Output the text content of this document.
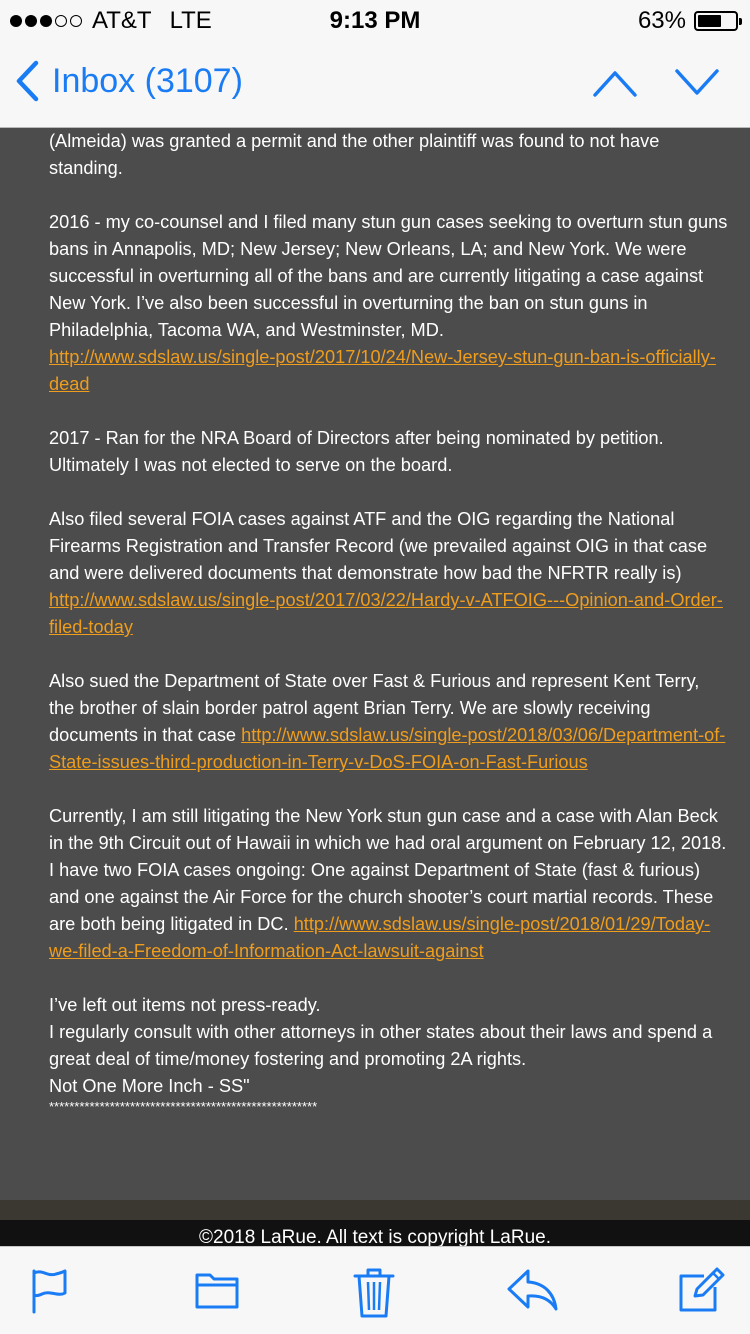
AT&T LTE	9:13 PM	63%
Inbox (3107)

(Almeida) was granted a permit and the other plaintiff was found to not have standing.

2016 - my co-counsel and I filed many stun gun cases seeking to overturn stun guns bans in Annapolis, MD; New Jersey; New Orleans, LA; and New York. We were successful in overturning all of the bans and are currently litigating a case against New York. I’ve also been successful in overturning the ban on stun guns in Philadelphia, Tacoma WA, and Westminster, MD.
http://www.sdslaw.us/single-post/2017/10/24/New-Jersey-stun-gun-ban-is-officially-dead

2017 - Ran for the NRA Board of Directors after being nominated by petition. Ultimately I was not elected to serve on the board.

Also filed several FOIA cases against ATF and the OIG regarding the National Firearms Registration and Transfer Record (we prevailed against OIG in that case and were delivered documents that demonstrate how bad the NFRTR really is) http://www.sdslaw.us/single-post/2017/03/22/Hardy-v-ATFOIG---Opinion-and-Order-filed-today

Also sued the Department of State over Fast & Furious and represent Kent Terry, the brother of slain border patrol agent Brian Terry. We are slowly receiving documents in that case http://www.sdslaw.us/single-post/2018/03/06/Department-of-State-issues-third-production-in-Terry-v-DoS-FOIA-on-Fast-Furious

Currently, I am still litigating the New York stun gun case and a case with Alan Beck in the 9th Circuit out of Hawaii in which we had oral argument on February 12, 2018. I have two FOIA cases ongoing: One against Department of State (fast & furious) and one against the Air Force for the church shooter’s court martial records. These are both being litigated in DC. http://www.sdslaw.us/single-post/2018/01/29/Today-we-filed-a-Freedom-of-Information-Act-lawsuit-against

I’ve left out items not press-ready.
I regularly consult with other attorneys in other states about their laws and spend a great deal of time/money fostering and promoting 2A rights.
Not One More Inch - SS"

*****************************************************
©2018 LaRue. All text is copyright LaRue.
